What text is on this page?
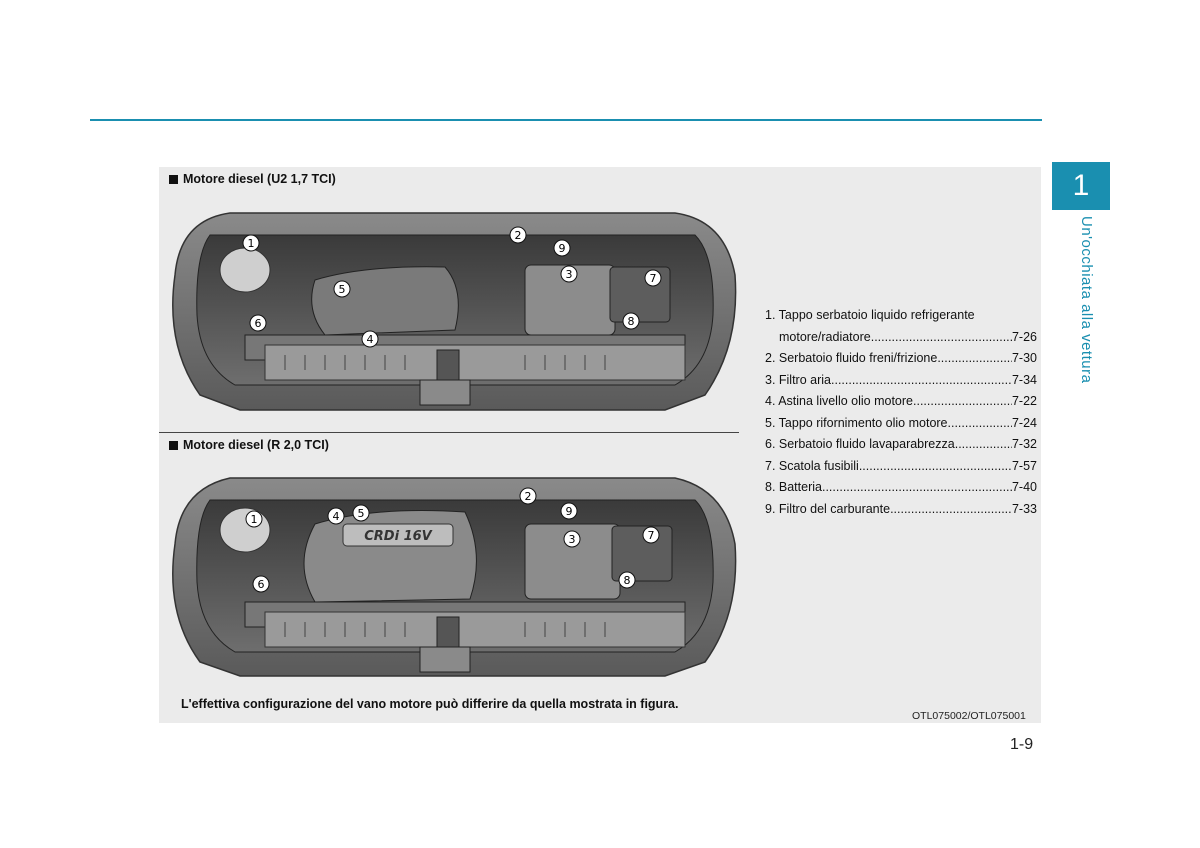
1
Un'occhiata alla vettura
Motore diesel (U2 1,7 TCI)
1
2
9
3	7
5
8
6
4
Motore diesel (R 2,0 TCI)
CRDi 16V
2
4 5	9
1
3	7
8
6
1. Tappo serbatoio liquido refrigerante
motore/radiatore .....	7-26
2. Serbatoio fluido freni/frizione .....	7-30
3. Filtro aria .....	7-34
4. Astina livello olio motore .....	7-22
5. Tappo rifornimento olio motore .....	7-24
6. Serbatoio fluido lavaparabrezza .....	7-32
7. Scatola fusibili .....	7-57
8. Batteria .....	7-40
9. Filtro del carburante .....	7-33
L'effettiva configurazione del vano motore può differire da quella mostrata in figura.
OTL075002/OTL075001
1-9
